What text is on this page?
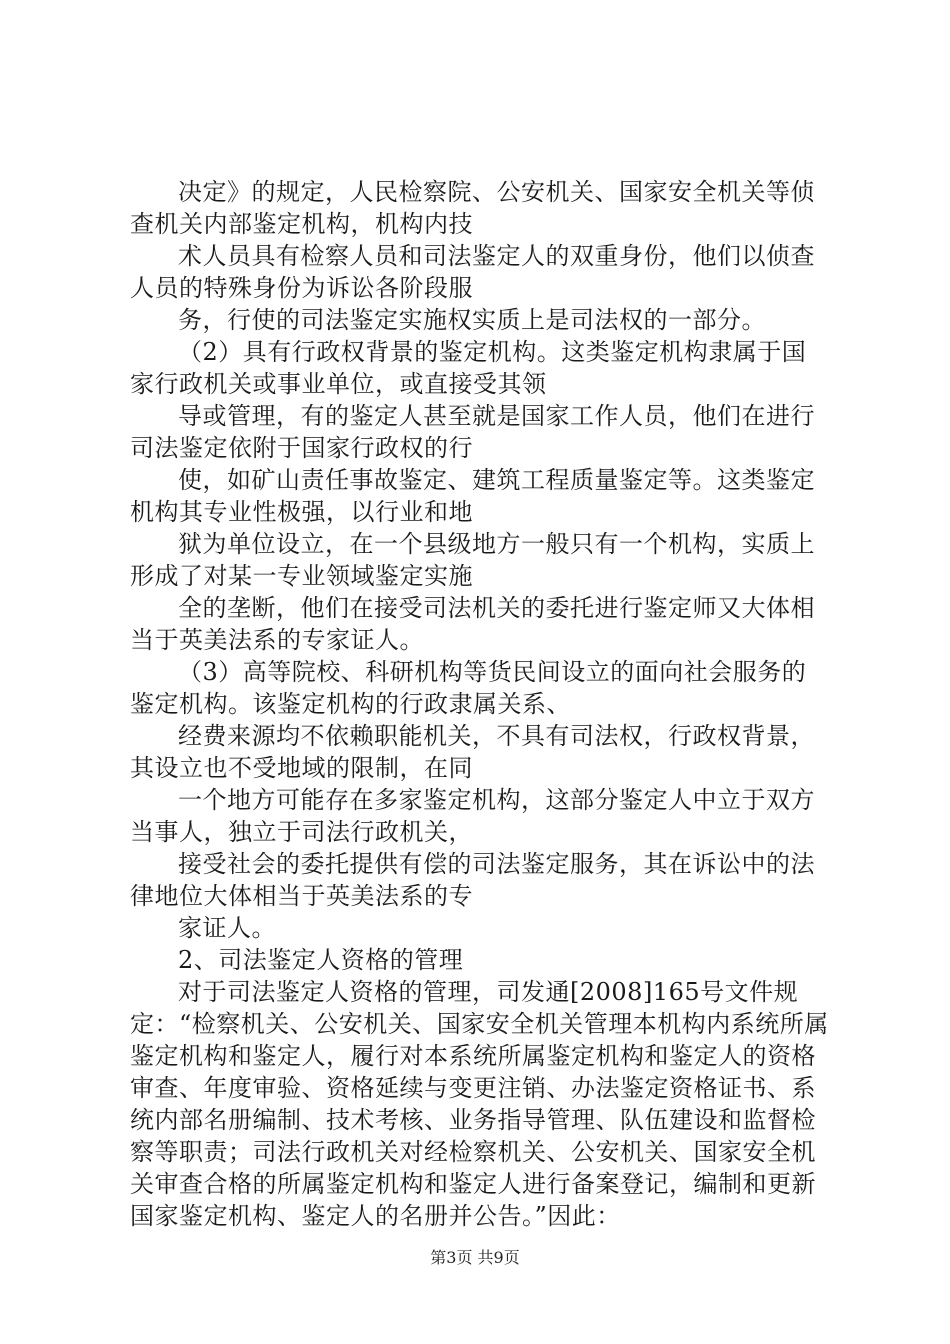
决定》的规定，人民检察院、公安机关、国家安全机关等侦查机关内部鉴定机构，机构内技

术人员具有检察人员和司法鉴定人的双重身份，他们以侦查人员的特殊身份为诉讼各阶段服

务，行使的司法鉴定实施权实质上是司法权的一部分。

（2）具有行政权背景的鉴定机构。这类鉴定机构隶属于国家行政机关或事业单位，或直接受其领

导或管理，有的鉴定人甚至就是国家工作人员，他们在进行司法鉴定依附于国家行政权的行

使，如矿山责任事故鉴定、建筑工程质量鉴定等。这类鉴定机构其专业性极强，以行业和地

狱为单位设立，在一个县级地方一般只有一个机构，实质上形成了对某一专业领域鉴定实施

全的垄断，他们在接受司法机关的委托进行鉴定师又大体相当于英美法系的专家证人。

（3）高等院校、科研机构等货民间设立的面向社会服务的鉴定机构。该鉴定机构的行政隶属关系、

经费来源均不依赖职能机关，不具有司法权，行政权背景，其设立也不受地域的限制，在同

一个地方可能存在多家鉴定机构，这部分鉴定人中立于双方当事人，独立于司法行政机关，

接受社会的委托提供有偿的司法鉴定服务，其在诉讼中的法律地位大体相当于英美法系的专

家证人。

2、司法鉴定人资格的管理

对于司法鉴定人资格的管理，司发通[2008]165号文件规定：“检察机关、公安机关、国家安全机关管理本机构内系统所属鉴定机构和鉴定人，履行对本系统所属鉴定机构和鉴定人的资格审查、年度审验、资格延续与变更注销、办法鉴定资格证书、系统内部名册编制、技术考核、业务指导管理、队伍建设和监督检察等职责；司法行政机关对经检察机关、公安机关、国家安全机关审查合格的所属鉴定机构和鉴定人进行备案登记，编制和更新国家鉴定机构、鉴定人的名册并公告。”因此：

第3页 共9页
